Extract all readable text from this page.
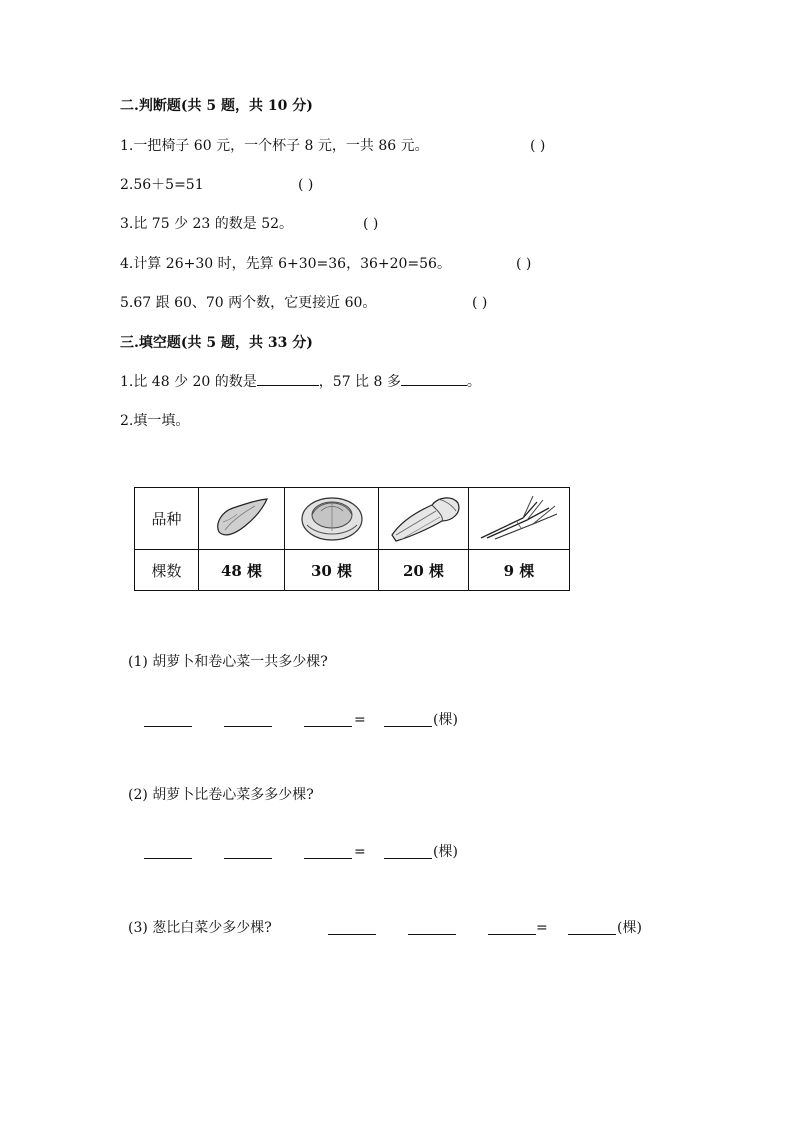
二.判断题(共 5 题，共 10 分)
1.一把椅子 60 元，一个杯子 8 元，一共 86 元。	( )
2.56＋5=51	( )
3.比 75 少 23 的数是 52。	( )
4.计算 26+30 时，先算 6+30=36，36+20=56。	( )
5.67 跟 60、70 两个数，它更接近 60。	( )
三.填空题(共 5 题，共 33 分)
1.比 48 少 20 的数是	，57 比 8 多	。
2.填一填。
品种				
棵数	48 棵	30 棵	20 棵	9 棵
(1) 胡萝卜和卷心菜一共多少棵?
=	(棵)
(2) 胡萝卜比卷心菜多多少棵?
=	(棵)
(3) 葱比白菜少多少棵?	=	(棵)
